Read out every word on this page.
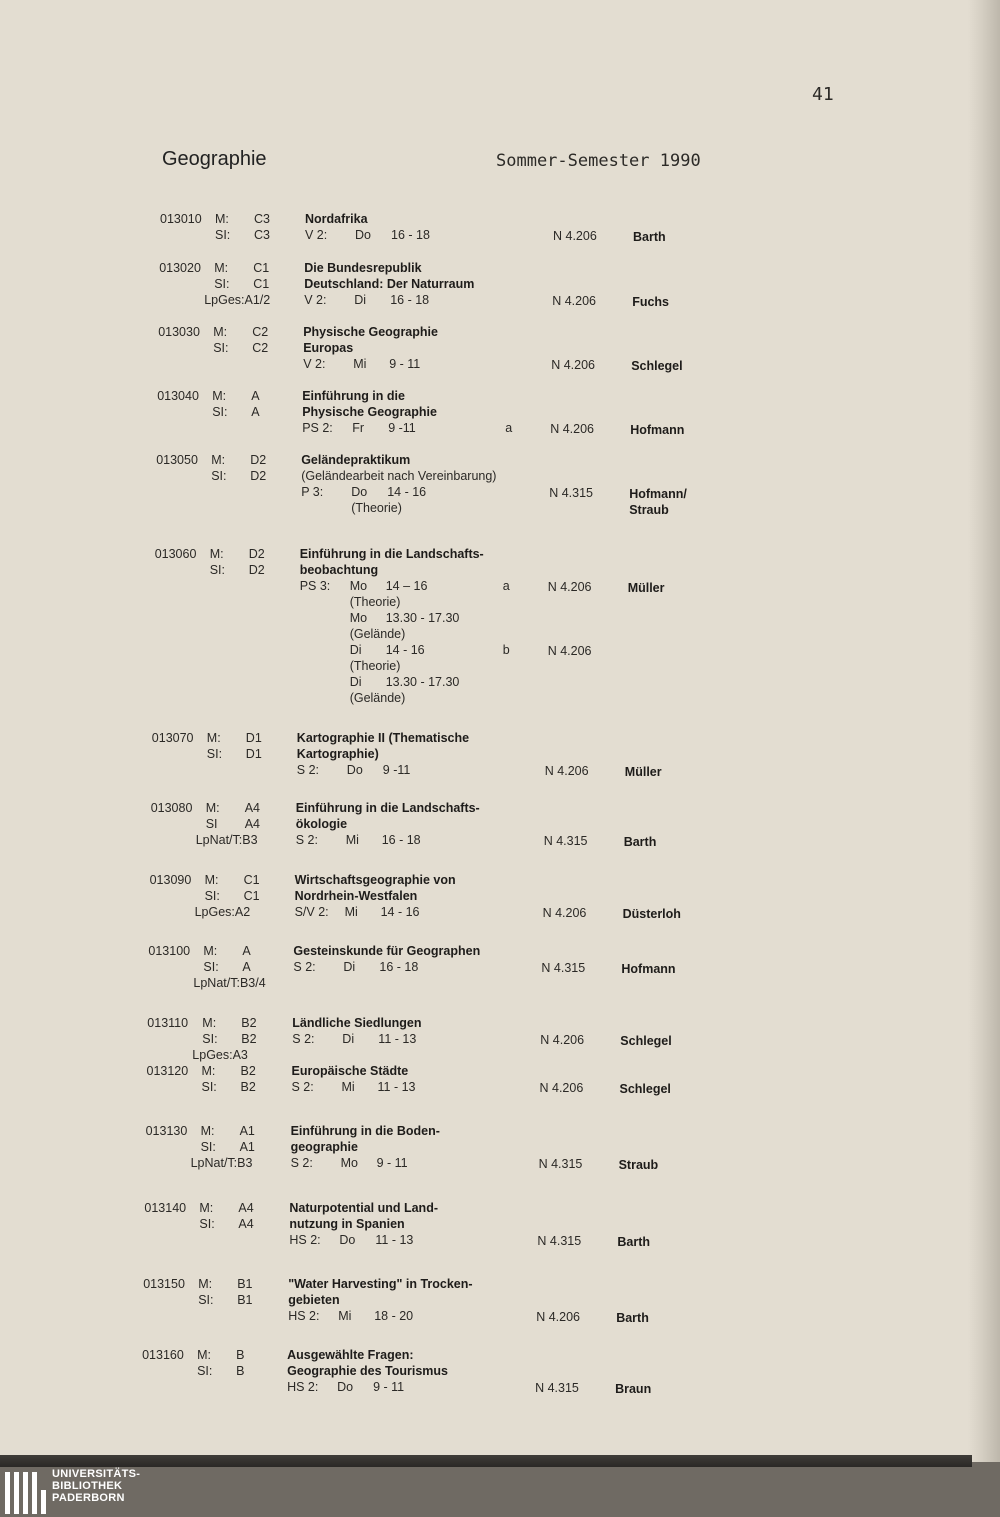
41
Geographie	Sommer-Semester 1990
013010 M: C3
SI: C3
Nordafrika
V 2: Do 16 - 18	N 4.206	Barth
013020 M: C1
SI: C1
LpGes:A1/2
Die Bundesrepublik
Deutschland: Der Naturraum
V 2: Di 16 - 18	N 4.206	Fuchs
013030 M: C2
SI: C2
Physische Geographie
Europas
V 2: Mi 9 - 11	N 4.206	Schlegel
013040 M: A
SI: A
Einführung in die
Physische Geographie
PS 2: Fr 9 -11	a	N 4.206	Hofmann
013050 M: D2
SI: D2
Geländepraktikum
(Geländearbeit nach Vereinbarung)
P 3: Do 14 - 16	N 4.315
(Theorie)
Hofmann/
Straub
013060 M: D2
SI: D2
Einführung in die Landschafts-
beobachtung
PS 3: Mo 14 – 16	a	N 4.206
(Theorie)
Mo 13.30 - 17.30
(Gelände)
Di 14 - 16	b	N 4.206
(Theorie)
Di 13.30 - 17.30
(Gelände)
Müller
013070 M: D1
SI: D1
Kartographie II (Thematische
Kartographie)
S 2: Do 9 -11	N 4.206	Müller
013080 M: A4
SI A4
LpNat/T:B3
Einführung in die Landschafts-
ökologie
S 2: Mi 16 - 18	N 4.315	Barth
013090 M: C1
SI: C1
LpGes:A2
Wirtschaftsgeographie von
Nordrhein-Westfalen
S/V 2: Mi 14 - 16	N 4.206	Düsterloh
013100 M: A
SI: A
LpNat/T:B3/4
Gesteinskunde für Geographen
S 2: Di 16 - 18	N 4.315	Hofmann
013110 M: B2
SI: B2
LpGes:A3
Ländliche Siedlungen
S 2: Di 11 - 13	N 4.206	Schlegel
013120 M: B2
SI: B2
Europäische Städte
S 2: Mi 11 - 13	N 4.206	Schlegel
013130 M: A1
SI: A1
LpNat/T:B3
Einführung in die Boden-
geographie
S 2: Mo 9 - 11	N 4.315	Straub
013140 M: A4
SI: A4
Naturpotential und Land-
nutzung in Spanien
HS 2: Do 11 - 13	N 4.315	Barth
013150 M: B1
SI: B1
"Water Harvesting" in Trocken-
gebieten
HS 2: Mi 18 - 20	N 4.206	Barth
013160 M: B
SI: B
Ausgewählte Fragen:
Geographie des Tourismus
HS 2: Do 9 - 11	N 4.315	Braun
UNIVERSITÄTS-
BIBLIOTHEK
PADERBORN
